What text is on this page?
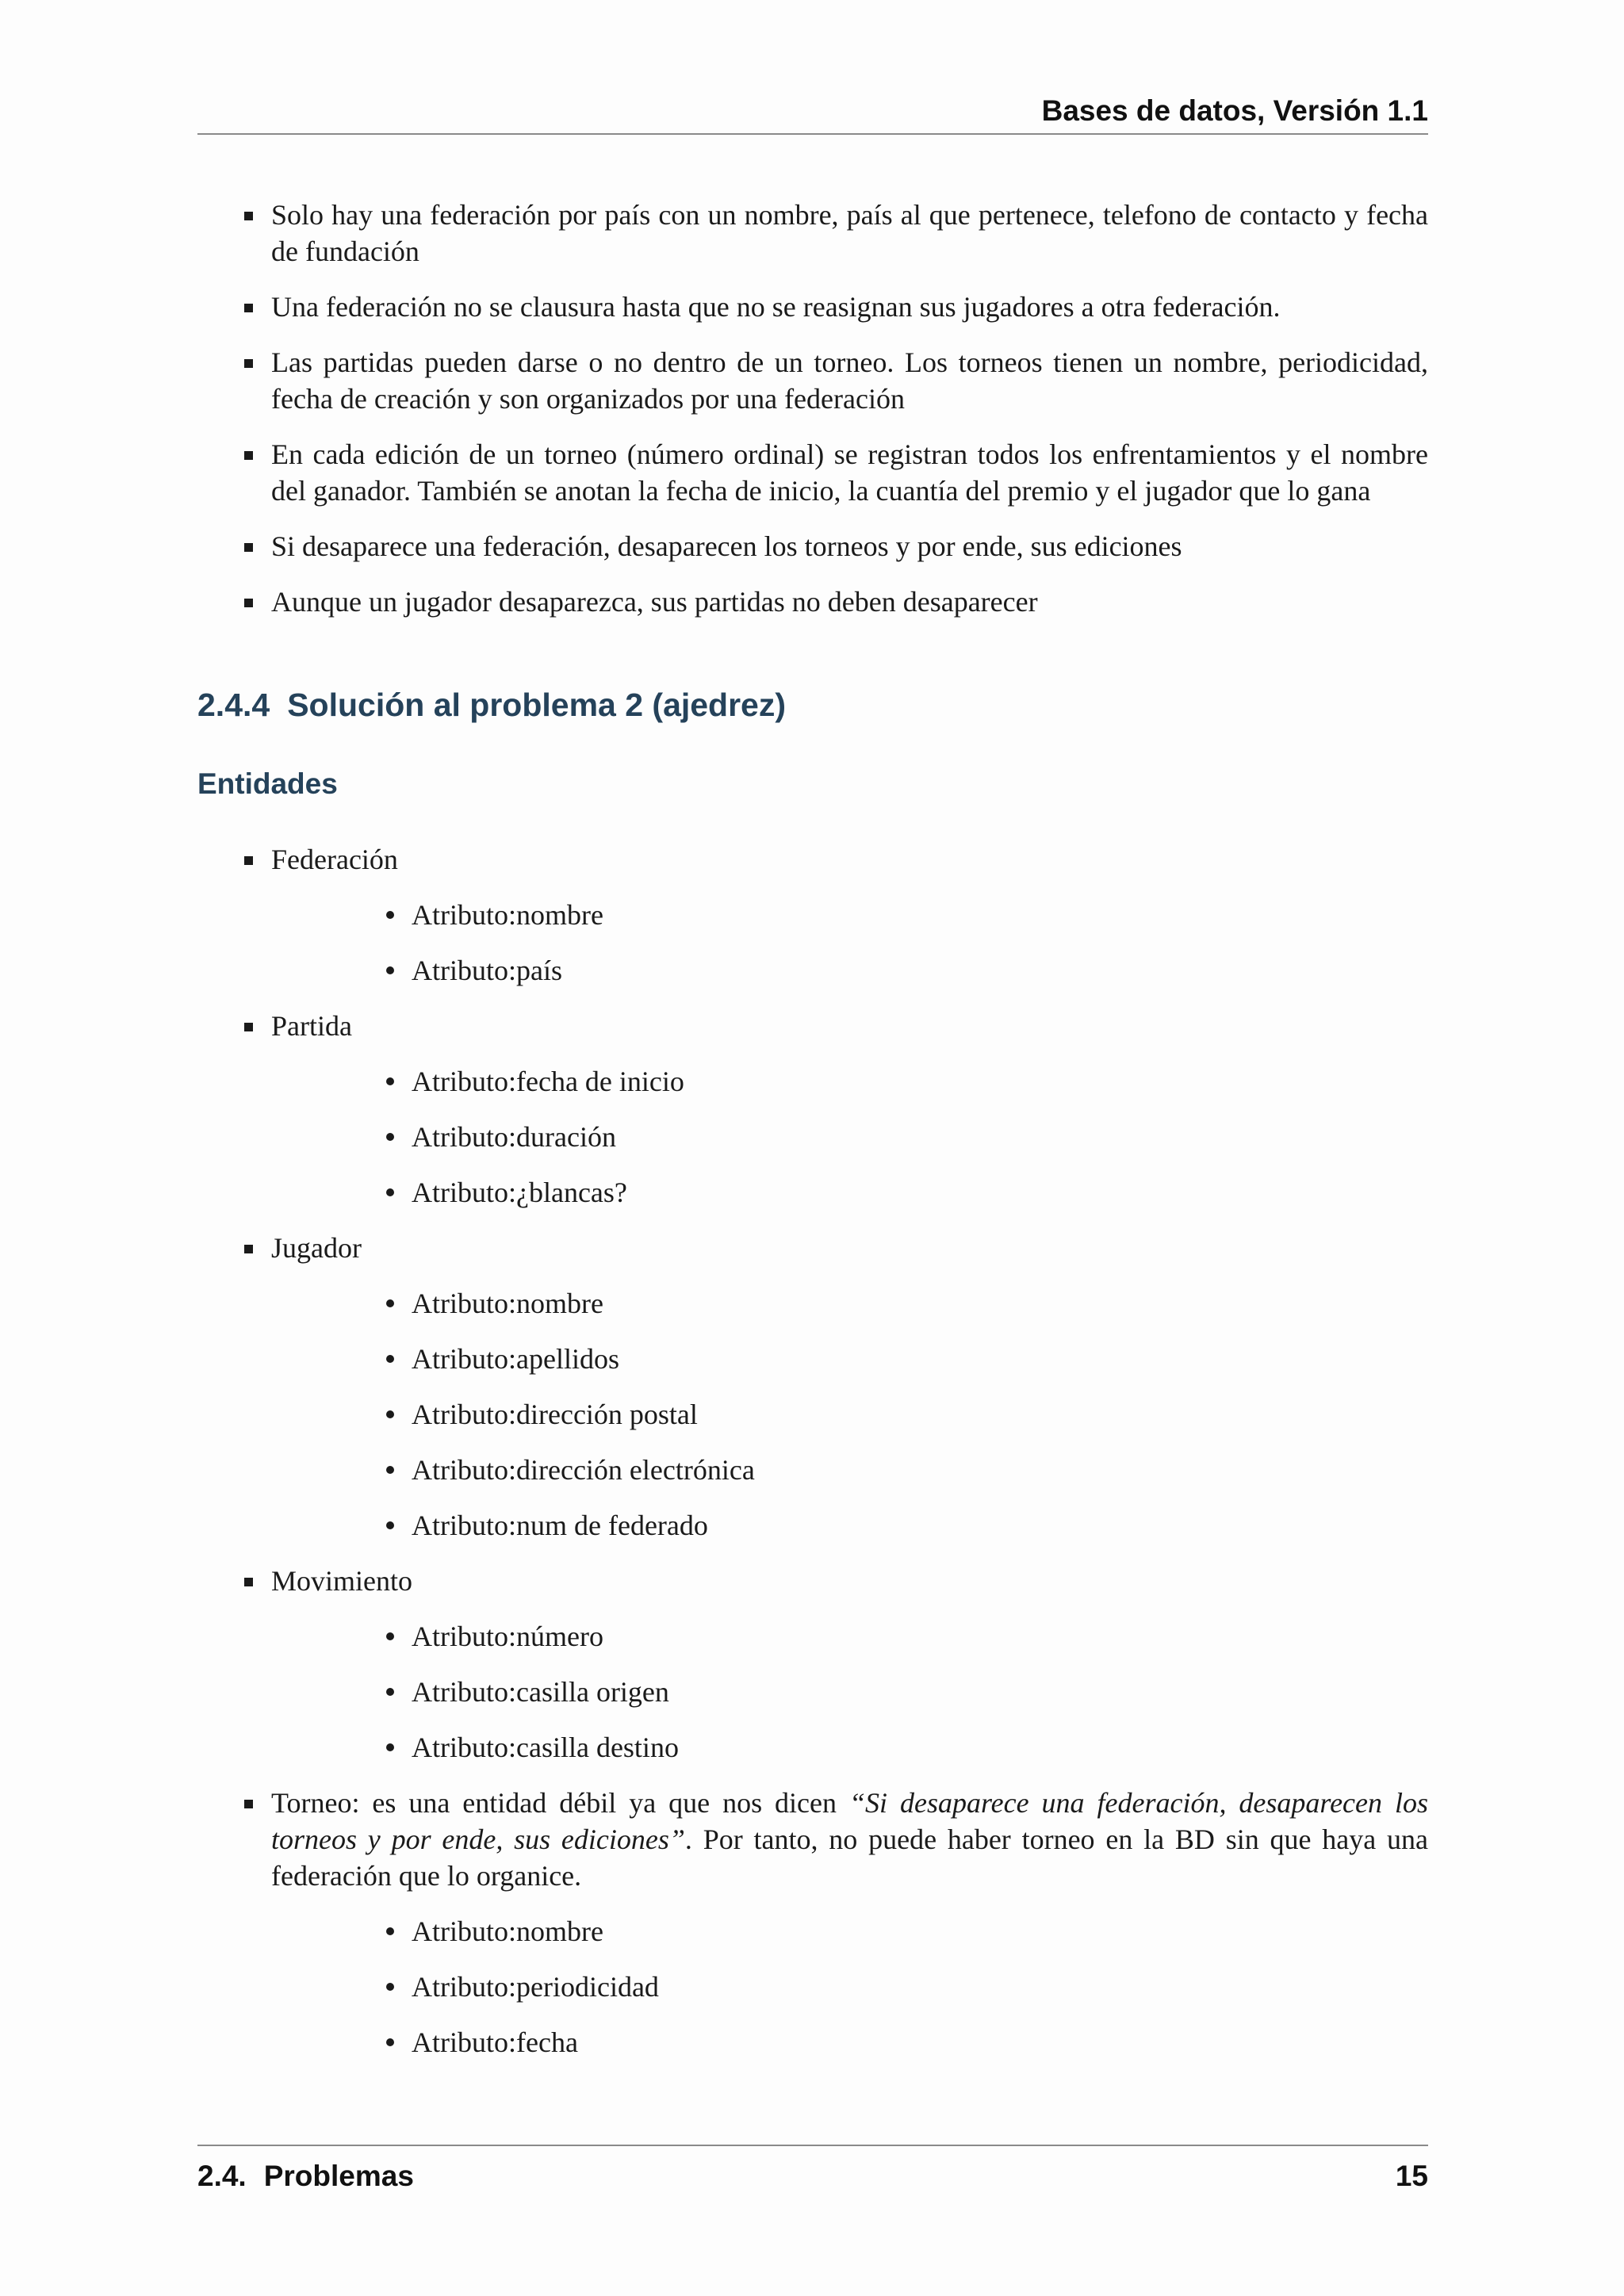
Bases de datos, Versión 1.1
Solo hay una federación por país con un nombre, país al que pertenece, telefono de contacto y fecha de fundación
Una federación no se clausura hasta que no se reasignan sus jugadores a otra federación.
Las partidas pueden darse o no dentro de un torneo. Los torneos tienen un nombre, periodicidad, fecha de creación y son organizados por una federación
En cada edición de un torneo (número ordinal) se registran todos los enfrentamientos y el nombre del ganador. También se anotan la fecha de inicio, la cuantía del premio y el jugador que lo gana
Si desaparece una federación, desaparecen los torneos y por ende, sus ediciones
Aunque un jugador desaparezca, sus partidas no deben desaparecer
2.4.4 Solución al problema 2 (ajedrez)
Entidades
Federación
Atributo:nombre
Atributo:país
Partida
Atributo:fecha de inicio
Atributo:duración
Atributo:¿blancas?
Jugador
Atributo:nombre
Atributo:apellidos
Atributo:dirección postal
Atributo:dirección electrónica
Atributo:num de federado
Movimiento
Atributo:número
Atributo:casilla origen
Atributo:casilla destino
Torneo: es una entidad débil ya que nos dicen “Si desaparece una federación, desaparecen los torneos y por ende, sus ediciones”. Por tanto, no puede haber torneo en la BD sin que haya una federación que lo organice.
Atributo:nombre
Atributo:periodicidad
Atributo:fecha
2.4. Problemas	15
